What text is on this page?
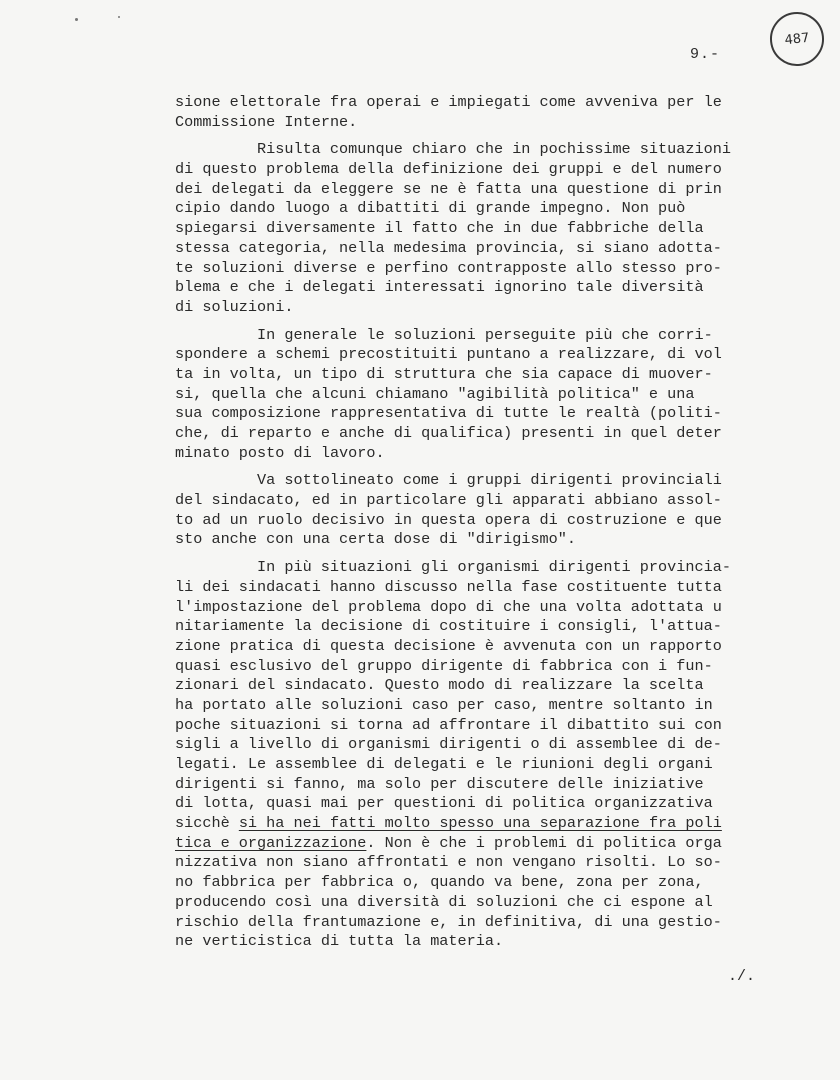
487
9.-
sione elettorale fra operai e impiegati come avveniva per le
Commissione Interne.
Risulta comunque chiaro che in pochissime situazioni
di questo problema della definizione dei gruppi e del numero
dei delegati da eleggere se ne è fatta una questione di prin
cipio dando luogo a dibattiti di grande impegno. Non può
spiegarsi diversamente il fatto che in due fabbriche della
stessa categoria, nella medesima provincia, si siano adotta-
te soluzioni diverse e perfino contrapposte allo stesso pro-
blema e che i delegati interessati ignorino tale diversità
di soluzioni.
In generale le soluzioni perseguite più che corri-
spondere a schemi precostituiti puntano a realizzare, di vol
ta in volta, un tipo di struttura che sia capace di muover-
si, quella che alcuni chiamano "agibilità politica" e una
sua composizione rappresentativa di tutte le realtà (politi-
che, di reparto e anche di qualifica) presenti in quel deter
minato posto di lavoro.
Va sottolineato come i gruppi dirigenti provinciali
del sindacato, ed in particolare gli apparati abbiano assol-
to ad un ruolo decisivo in questa opera di costruzione e que
sto anche con una certa dose di "dirigismo".
In più situazioni gli organismi dirigenti provincia-
li dei sindacati hanno discusso nella fase costituente tutta
l'impostazione del problema dopo di che una volta adottata u
nitariamente la decisione di costituire i consigli, l'attua-
zione pratica di questa decisione è avvenuta con un rapporto
quasi esclusivo del gruppo dirigente di fabbrica con i fun-
zionari del sindacato. Questo modo di realizzare la scelta
ha portato alle soluzioni caso per caso, mentre soltanto in
poche situazioni si torna ad affrontare il dibattito sui con
sigli a livello di organismi dirigenti o di assemblee di de-
legati. Le assemblee di delegati e le riunioni degli organi
dirigenti si fanno, ma solo per discutere delle iniziative
di lotta, quasi mai per questioni di politica organizzativa
sicchè si ha nei fatti molto spesso una separazione fra poli
tica e organizzazione. Non è che i problemi di politica orga
nizzativa non siano affrontati e non vengano risolti. Lo so-
no fabbrica per fabbrica o, quando va bene, zona per zona,
producendo così una diversità di soluzioni che ci espone al
rischio della frantumazione e, in definitiva, di una gestio-
ne verticistica di tutta la materia.
./.
